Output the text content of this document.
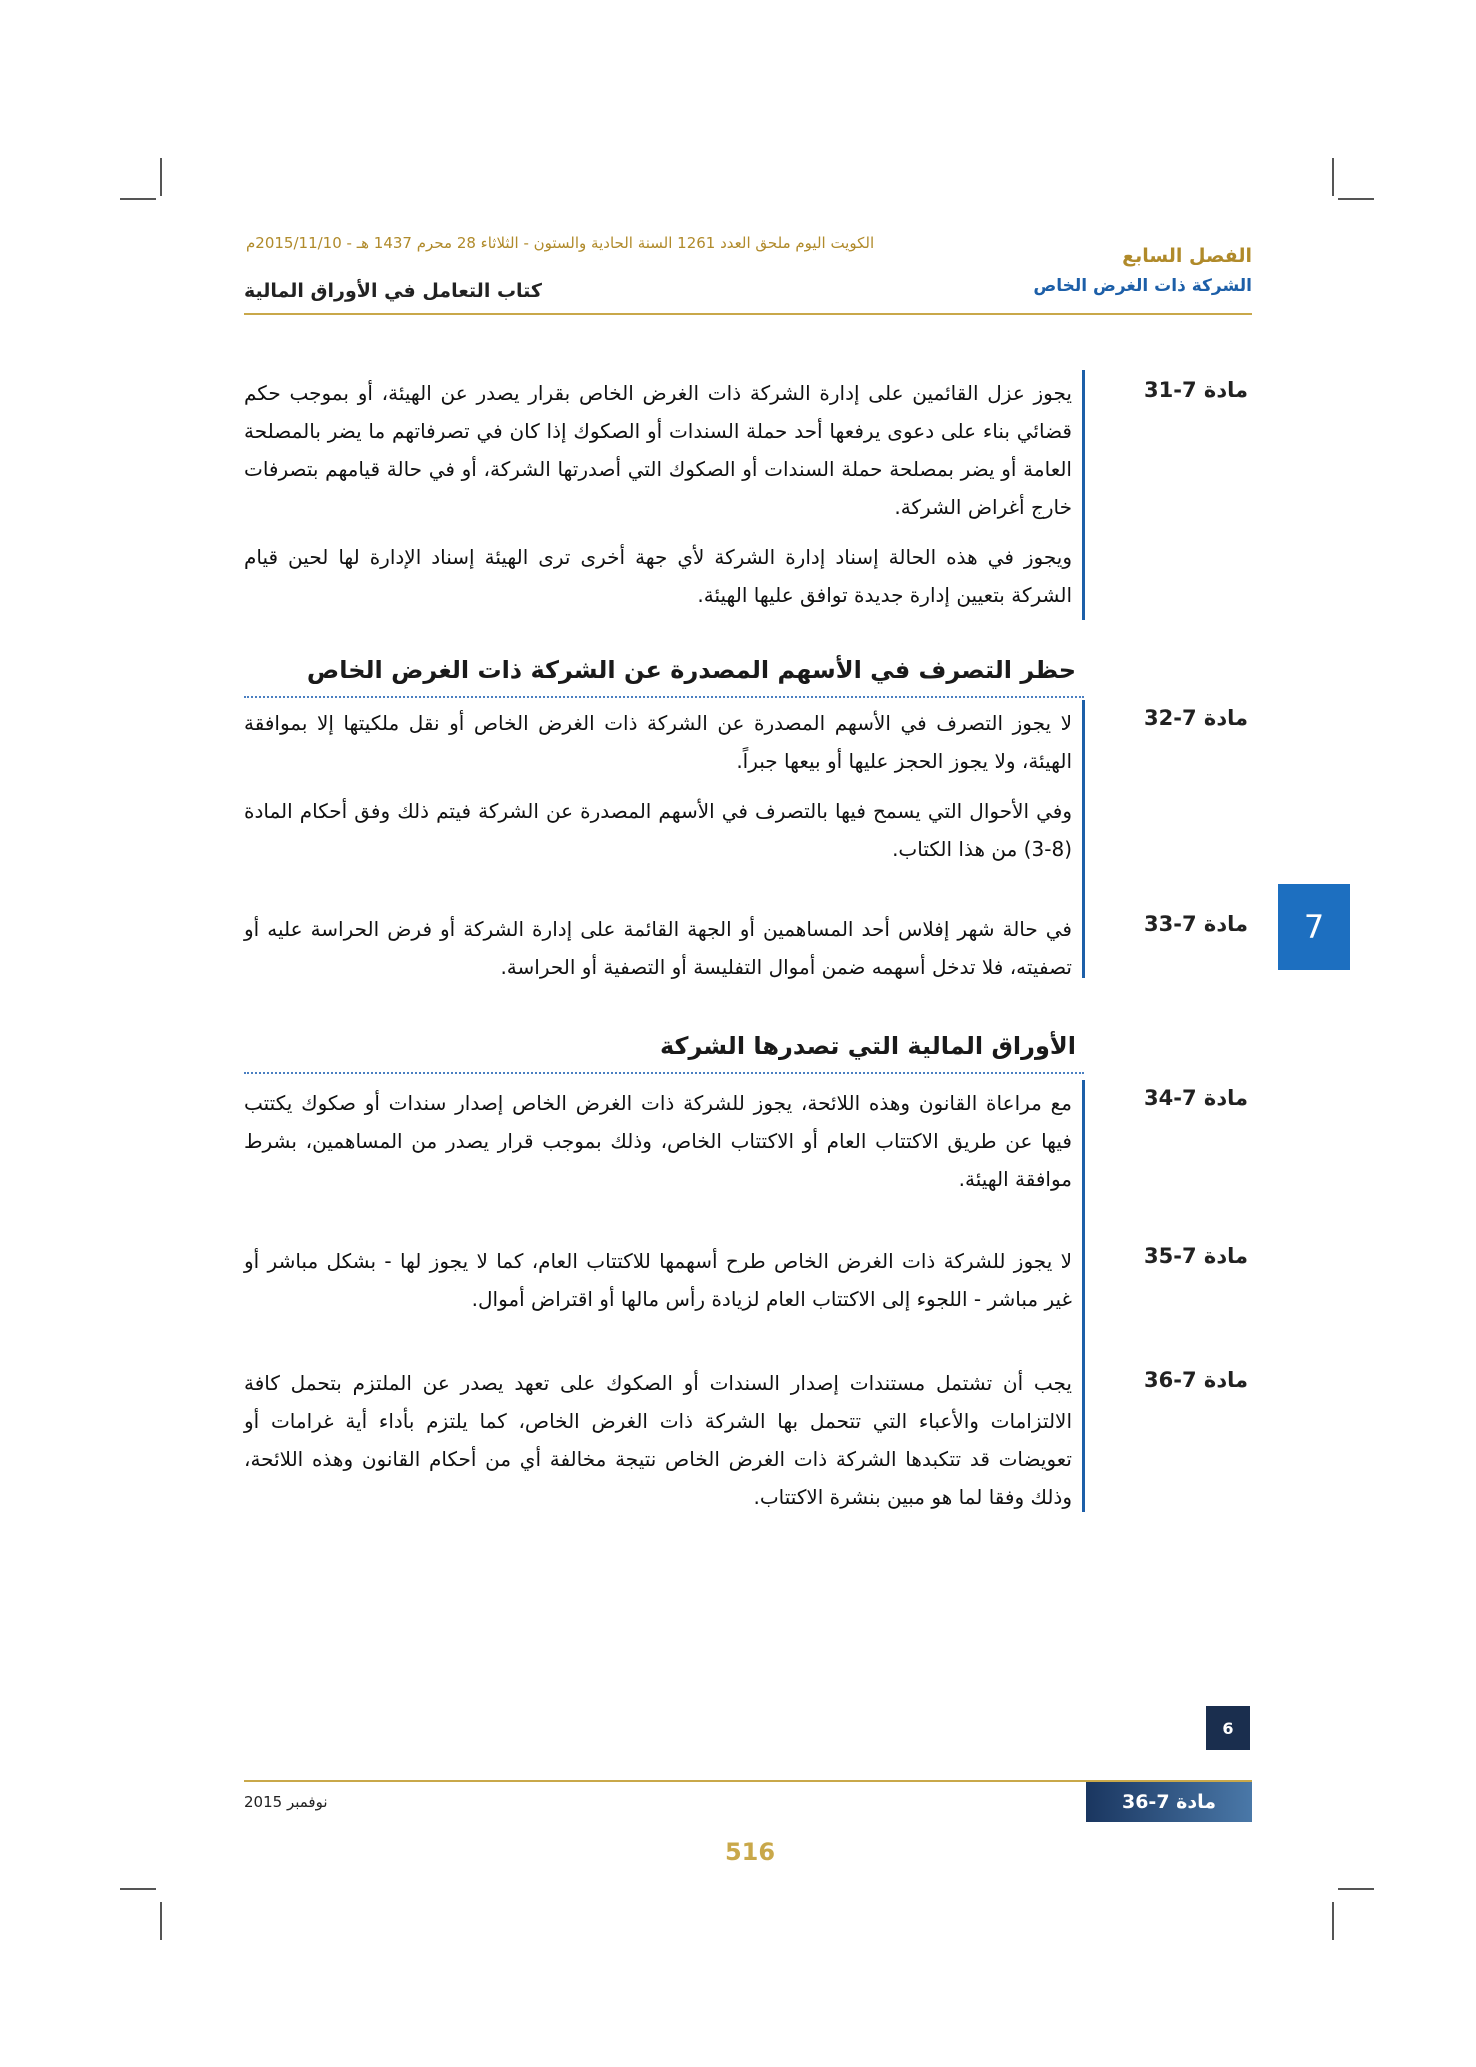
الكويت اليوم ملحق العدد 1261 السنة الحادية والستون - الثلاثاء 28 محرم 1437 هـ - 2015/11/10م
الفصل السابع
الشركة ذات الغرض الخاص
كتاب التعامل في الأوراق المالية
7
مادة 7-31

يجوز عزل القائمين على إدارة الشركة ذات الغرض الخاص بقرار يصدر عن الهيئة، أو بموجب حكم قضائي بناء على دعوى يرفعها أحد حملة السندات أو الصكوك إذا كان في تصرفاتهم ما يضر بالمصلحة العامة أو يضر بمصلحة حملة السندات أو الصكوك التي أصدرتها الشركة، أو في حالة قيامهم بتصرفات خارج أغراض الشركة.

ويجوز في هذه الحالة إسناد إدارة الشركة لأي جهة أخرى ترى الهيئة إسناد الإدارة لها لحين قيام الشركة بتعيين إدارة جديدة توافق عليها الهيئة.

حظر التصرف في الأسهم المصدرة عن الشركة ذات الغرض الخاص
مادة 7-32

لا يجوز التصرف في الأسهم المصدرة عن الشركة ذات الغرض الخاص أو نقل ملكيتها إلا بموافقة الهيئة، ولا يجوز الحجز عليها أو بيعها جبراً.

وفي الأحوال التي يسمح فيها بالتصرف في الأسهم المصدرة عن الشركة فيتم ذلك وفق أحكام المادة (8-3) من هذا الكتاب.

مادة 7-33

في حالة شهر إفلاس أحد المساهمين أو الجهة القائمة على إدارة الشركة أو فرض الحراسة عليه أو تصفيته، فلا تدخل أسهمه ضمن أموال التفليسة أو التصفية أو الحراسة.

الأوراق المالية التي تصدرها الشركة
مادة 7-34

مع مراعاة القانون وهذه اللائحة، يجوز للشركة ذات الغرض الخاص إصدار سندات أو صكوك يكتتب فيها عن طريق الاكتتاب العام أو الاكتتاب الخاص، وذلك بموجب قرار يصدر من المساهمين، بشرط موافقة الهيئة.

مادة 7-35

لا يجوز للشركة ذات الغرض الخاص طرح أسهمها للاكتتاب العام، كما لا يجوز لها - بشكل مباشر أو غير مباشر - اللجوء إلى الاكتتاب العام لزيادة رأس مالها أو اقتراض أموال.

مادة 7-36

يجب أن تشتمل مستندات إصدار السندات أو الصكوك على تعهد يصدر عن الملتزم بتحمل كافة الالتزامات والأعباء التي تتحمل بها الشركة ذات الغرض الخاص، كما يلتزم بأداء أية غرامات أو تعويضات قد تتكبدها الشركة ذات الغرض الخاص نتيجة مخالفة أي من أحكام القانون وهذه اللائحة، وذلك وفقا لما هو مبين بنشرة الاكتتاب.

6
مادة 7-36
نوفمبر 2015
516
